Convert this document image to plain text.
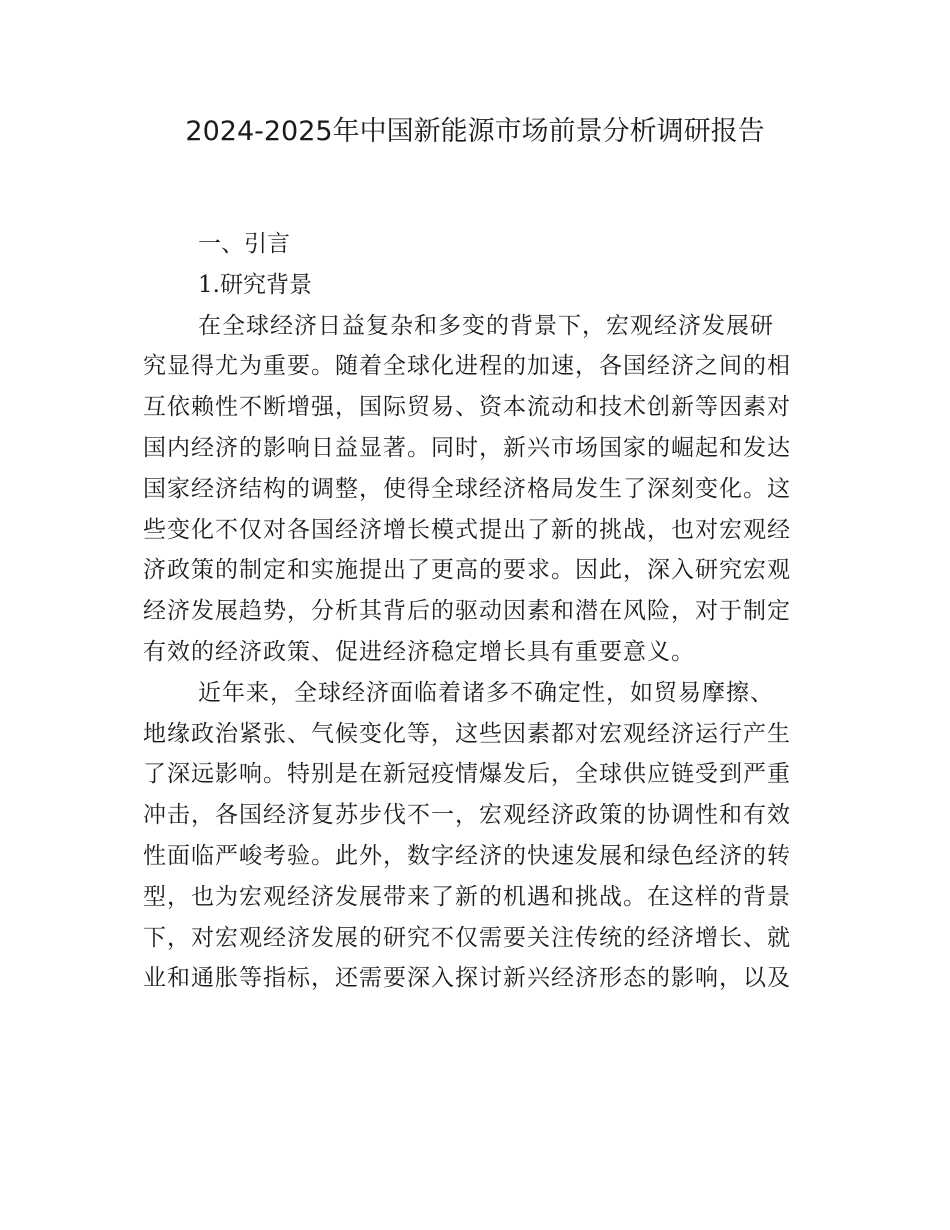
2024-2025年中国新能源市场前景分析调研报告
一、引言
1.研究背景
在全球经济日益复杂和多变的背景下，宏观经济发展研
究显得尤为重要。随着全球化进程的加速，各国经济之间的相
互依赖性不断增强，国际贸易、资本流动和技术创新等因素对
国内经济的影响日益显著。同时，新兴市场国家的崛起和发达
国家经济结构的调整，使得全球经济格局发生了深刻变化。这
些变化不仅对各国经济增长模式提出了新的挑战，也对宏观经
济政策的制定和实施提出了更高的要求。因此，深入研究宏观
经济发展趋势，分析其背后的驱动因素和潜在风险，对于制定
有效的经济政策、促进经济稳定增长具有重要意义。
近年来，全球经济面临着诸多不确定性，如贸易摩擦、
地缘政治紧张、气候变化等，这些因素都对宏观经济运行产生
了深远影响。特别是在新冠疫情爆发后，全球供应链受到严重
冲击，各国经济复苏步伐不一，宏观经济政策的协调性和有效
性面临严峻考验。此外，数字经济的快速发展和绿色经济的转
型，也为宏观经济发展带来了新的机遇和挑战。在这样的背景
下，对宏观经济发展的研究不仅需要关注传统的经济增长、就
业和通胀等指标，还需要深入探讨新兴经济形态的影响，以及
